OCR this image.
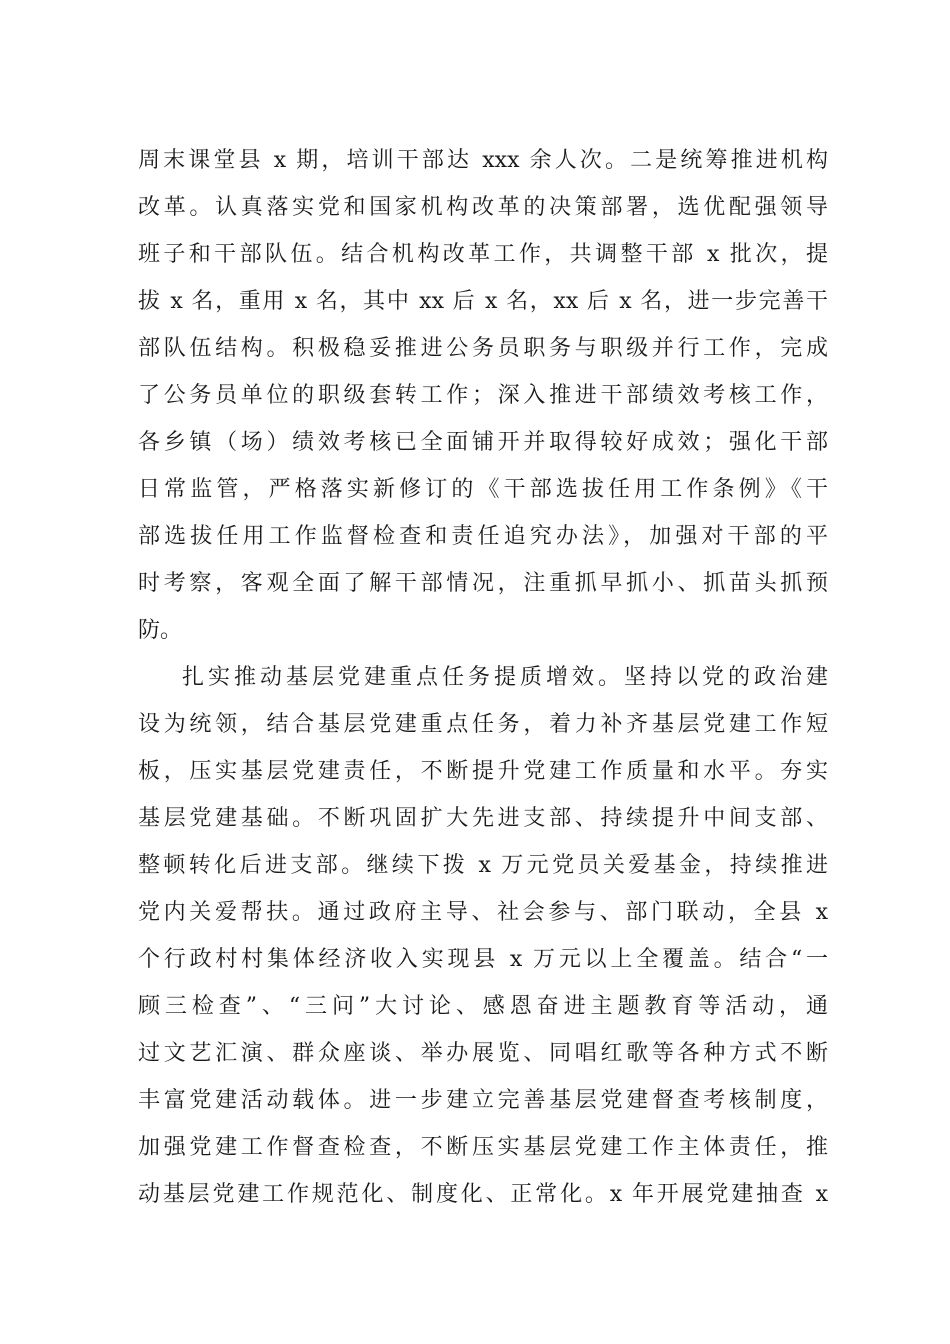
周末课堂县 x 期，培训干部达 xxx 余人次。二是统筹推进机构
改革。认真落实党和国家机构改革的决策部署，选优配强领导
班子和干部队伍。结合机构改革工作，共调整干部 x 批次，提
拔 x 名，重用 x 名，其中 xx 后 x 名，xx 后 x 名，进一步完善干
部队伍结构。积极稳妥推进公务员职务与职级并行工作，完成
了公务员单位的职级套转工作；深入推进干部绩效考核工作，
各乡镇（场）绩效考核已全面铺开并取得较好成效；强化干部
日常监管，严格落实新修订的《干部选拔任用工作条例》《干
部选拔任用工作监督检查和责任追究办法》，加强对干部的平
时考察，客观全面了解干部情况，注重抓早抓小、抓苗头抓预
防。
扎实推动基层党建重点任务提质增效。坚持以党的政治建
设为统领，结合基层党建重点任务，着力补齐基层党建工作短
板，压实基层党建责任，不断提升党建工作质量和水平。夯实
基层党建基础。不断巩固扩大先进支部、持续提升中间支部、
整顿转化后进支部。继续下拨 x 万元党员关爱基金，持续推进
党内关爱帮扶。通过政府主导、社会参与、部门联动，全县 x
个行政村村集体经济收入实现县 x 万元以上全覆盖。结合“一
顾三检查”、“三问”大讨论、感恩奋进主题教育等活动，通
过文艺汇演、群众座谈、举办展览、同唱红歌等各种方式不断
丰富党建活动载体。进一步建立完善基层党建督查考核制度，
加强党建工作督查检查，不断压实基层党建工作主体责任，推
动基层党建工作规范化、制度化、正常化。x 年开展党建抽查 x
